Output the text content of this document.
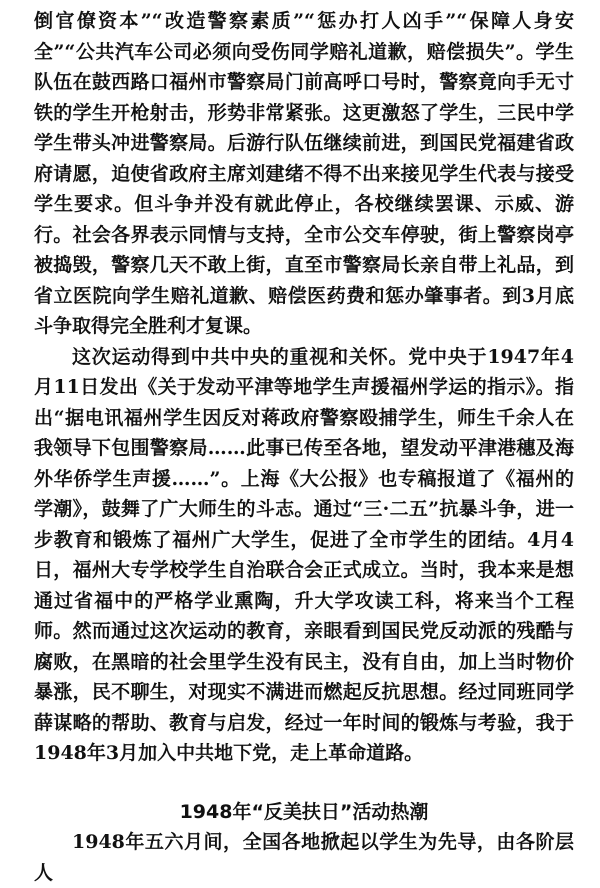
倒官僚资本”“改造警察素质”“惩办打人凶手”“保障人身安全”“公共汽车公司必须向受伤同学赔礼道歉，赔偿损失”。学生队伍在鼓西路口福州市警察局门前高呼口号时，警察竟向手无寸铁的学生开枪射击，形势非常紧张。这更激怒了学生，三民中学学生带头冲进警察局。后游行队伍继续前进，到国民党福建省政府请愿，迫使省政府主席刘建绪不得不出来接见学生代表与接受学生要求。但斗争并没有就此停止，各校继续罢课、示威、游行。社会各界表示同情与支持，全市公交车停驶，街上警察岗亭被捣毁，警察几天不敢上街，直至市警察局长亲自带上礼品，到省立医院向学生赔礼道歉、赔偿医药费和惩办肇事者。到3月底斗争取得完全胜利才复课。

这次运动得到中共中央的重视和关怀。党中央于1947年4月11日发出《关于发动平津等地学生声援福州学运的指示》。指出“据电讯福州学生因反对蒋政府警察殴捕学生，师生千余人在我领导下包围警察局……此事已传至各地，望发动平津港穗及海外华侨学生声援……”。上海《大公报》也专稿报道了《福州的学潮》，鼓舞了广大师生的斗志。通过“三·二五”抗暴斗争，进一步教育和锻炼了福州广大学生，促进了全市学生的团结。4月4日，福州大专学校学生自治联合会正式成立。当时，我本来是想通过省福中的严格学业熏陶，升大学攻读工科，将来当个工程师。然而通过这次运动的教育，亲眼看到国民党反动派的残酷与腐败，在黑暗的社会里学生没有民主，没有自由，加上当时物价暴涨，民不聊生，对现实不满进而燃起反抗思想。经过同班同学薛谋略的帮助、教育与启发，经过一年时间的锻炼与考验，我于1948年3月加入中共地下党，走上革命道路。

1948年“反美扶日”活动热潮

1948年五六月间，全国各地掀起以学生为先导，由各阶层人
